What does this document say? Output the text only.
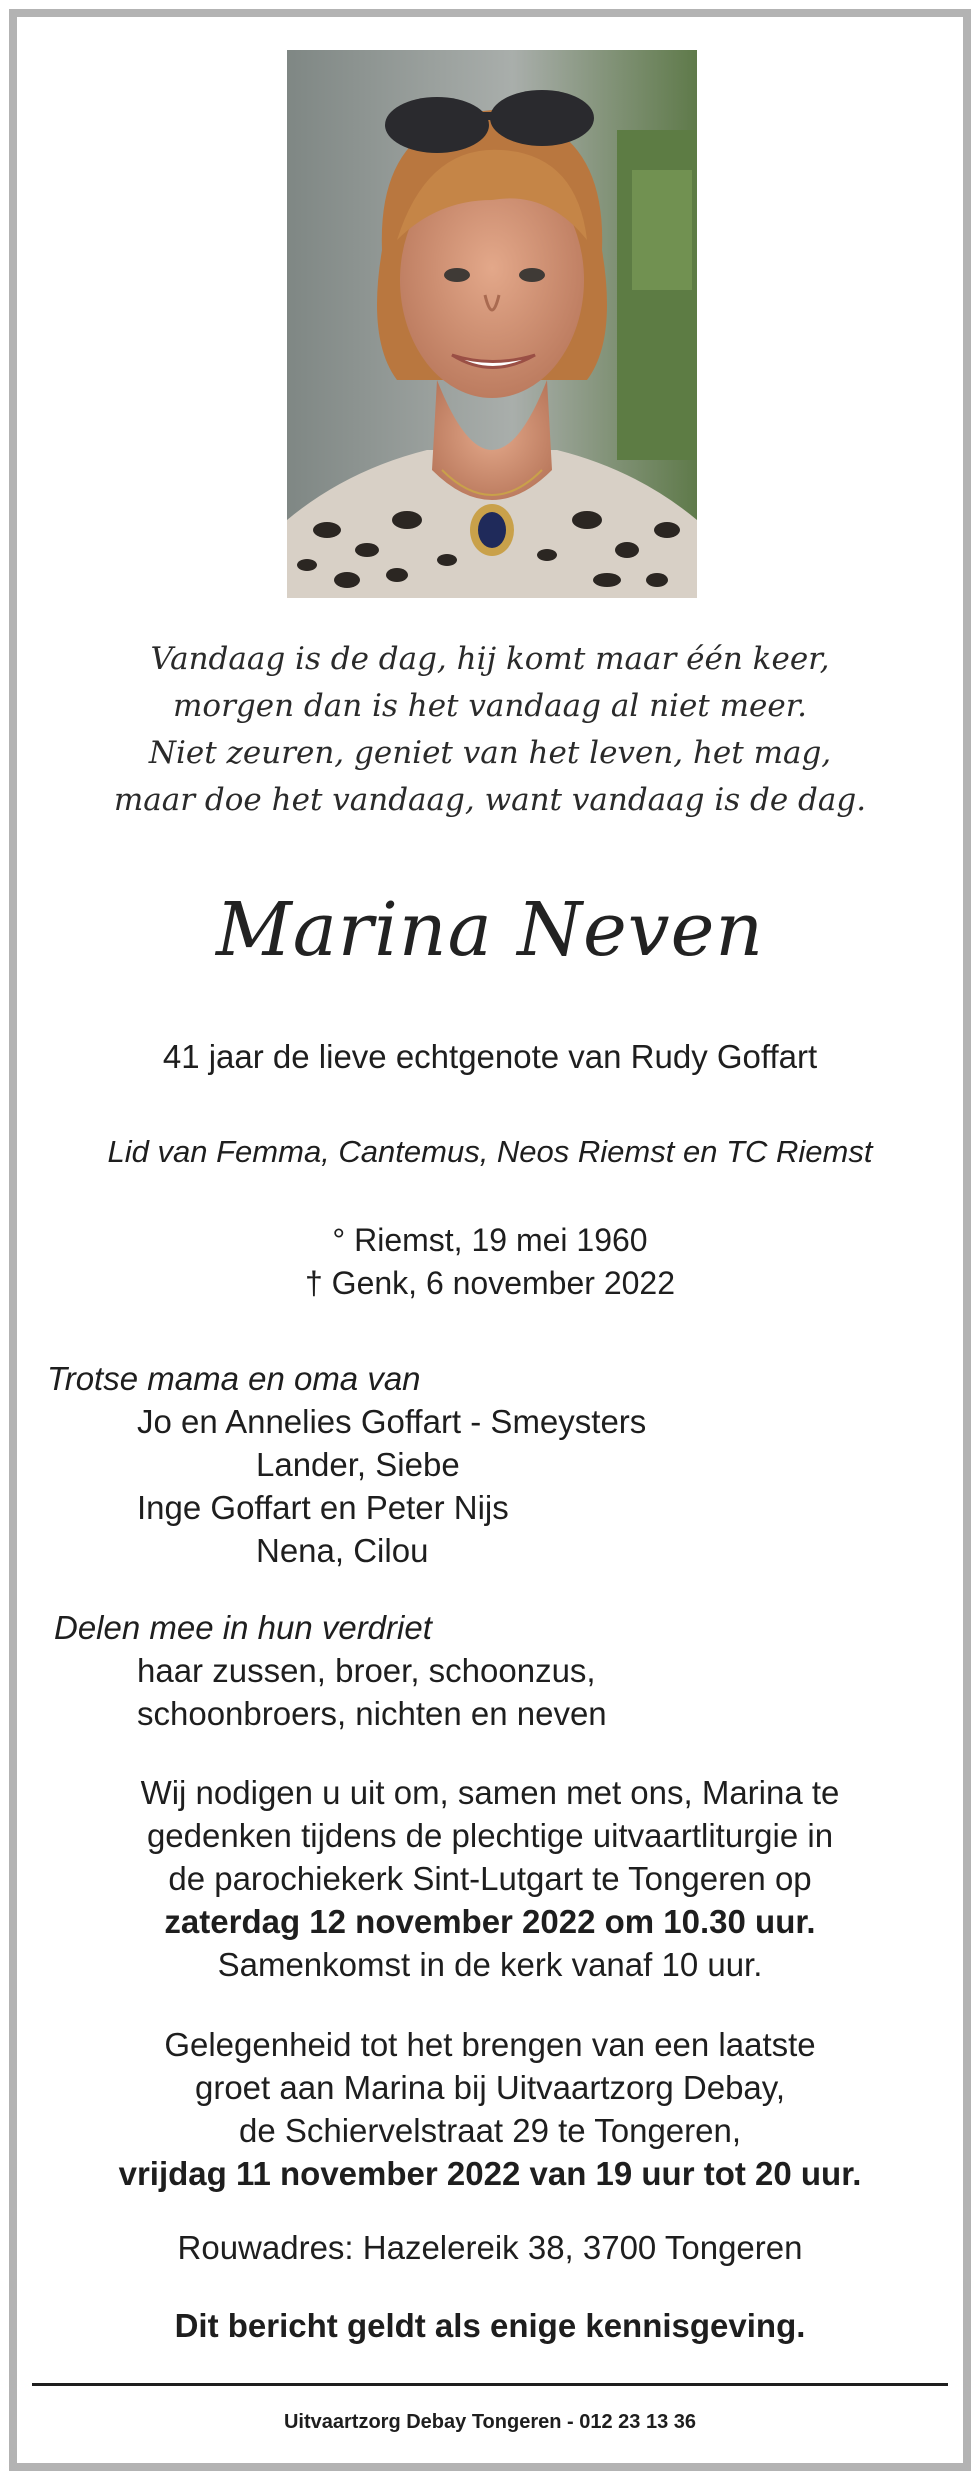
Vandaag is de dag, hij komt maar één keer,
morgen dan is het vandaag al niet meer.
Niet zeuren, geniet van het leven, het mag,
maar doe het vandaag, want vandaag is de dag.
Marina Neven
41 jaar de lieve echtgenote van Rudy Goffart
Lid van Femma, Cantemus, Neos Riemst en TC Riemst
° Riemst, 19 mei 1960
† Genk, 6 november 2022
Trotse mama en oma van
Jo en Annelies Goffart - Smeysters
Lander, Siebe
Inge Goffart en Peter Nijs
Nena, Cilou
Delen mee in hun verdriet
haar zussen, broer, schoonzus,
schoonbroers, nichten en neven
Wij nodigen u uit om, samen met ons, Marina te
gedenken tijdens de plechtige uitvaartliturgie in
de parochiekerk Sint-Lutgart te Tongeren op
zaterdag 12 november 2022 om 10.30 uur.
Samenkomst in de kerk vanaf 10 uur.
Gelegenheid tot het brengen van een laatste
groet aan Marina bij Uitvaartzorg Debay,
de Schiervelstraat 29 te Tongeren,
vrijdag 11 november 2022 van 19 uur tot 20 uur.
Rouwadres: Hazelereik 38, 3700 Tongeren
Dit bericht geldt als enige kennisgeving.
Uitvaartzorg Debay Tongeren - 012 23 13 36
